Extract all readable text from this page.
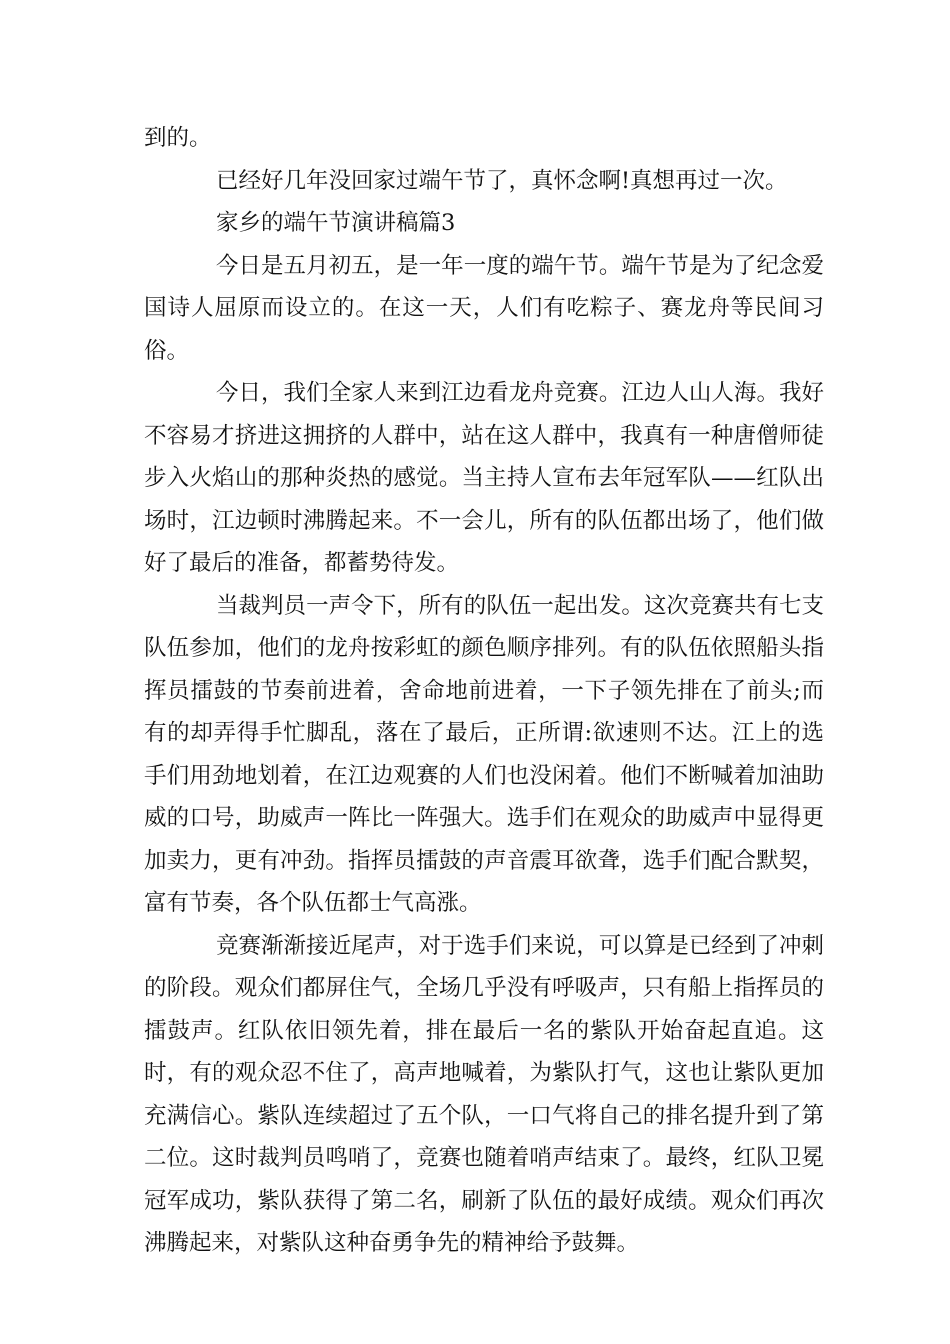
到的。

已经好几年没回家过端午节了，真怀念啊!真想再过一次。

家乡的端午节演讲稿篇3

今日是五月初五，是一年一度的端午节。端午节是为了纪念爱国诗人屈原而设立的。在这一天，人们有吃粽子、赛龙舟等民间习俗。

今日，我们全家人来到江边看龙舟竞赛。江边人山人海。我好不容易才挤进这拥挤的人群中，站在这人群中，我真有一种唐僧师徒步入火焰山的那种炎热的感觉。当主持人宣布去年冠军队——红队出场时，江边顿时沸腾起来。不一会儿，所有的队伍都出场了，他们做好了最后的准备，都蓄势待发。

当裁判员一声令下，所有的队伍一起出发。这次竞赛共有七支队伍参加，他们的龙舟按彩虹的颜色顺序排列。有的队伍依照船头指挥员擂鼓的节奏前进着，舍命地前进着，一下子领先排在了前头;而有的却弄得手忙脚乱，落在了最后，正所谓:欲速则不达。江上的选手们用劲地划着，在江边观赛的人们也没闲着。他们不断喊着加油助威的口号，助威声一阵比一阵强大。选手们在观众的助威声中显得更加卖力，更有冲劲。指挥员擂鼓的声音震耳欲聋，选手们配合默契，富有节奏，各个队伍都士气高涨。

竞赛渐渐接近尾声，对于选手们来说，可以算是已经到了冲刺的阶段。观众们都屏住气，全场几乎没有呼吸声，只有船上指挥员的擂鼓声。红队依旧领先着，排在最后一名的紫队开始奋起直追。这时，有的观众忍不住了，高声地喊着，为紫队打气，这也让紫队更加充满信心。紫队连续超过了五个队，一口气将自己的排名提升到了第二位。这时裁判员鸣哨了，竞赛也随着哨声结束了。最终，红队卫冕冠军成功，紫队获得了第二名，刷新了队伍的最好成绩。观众们再次沸腾起来，对紫队这种奋勇争先的精神给予鼓舞。
